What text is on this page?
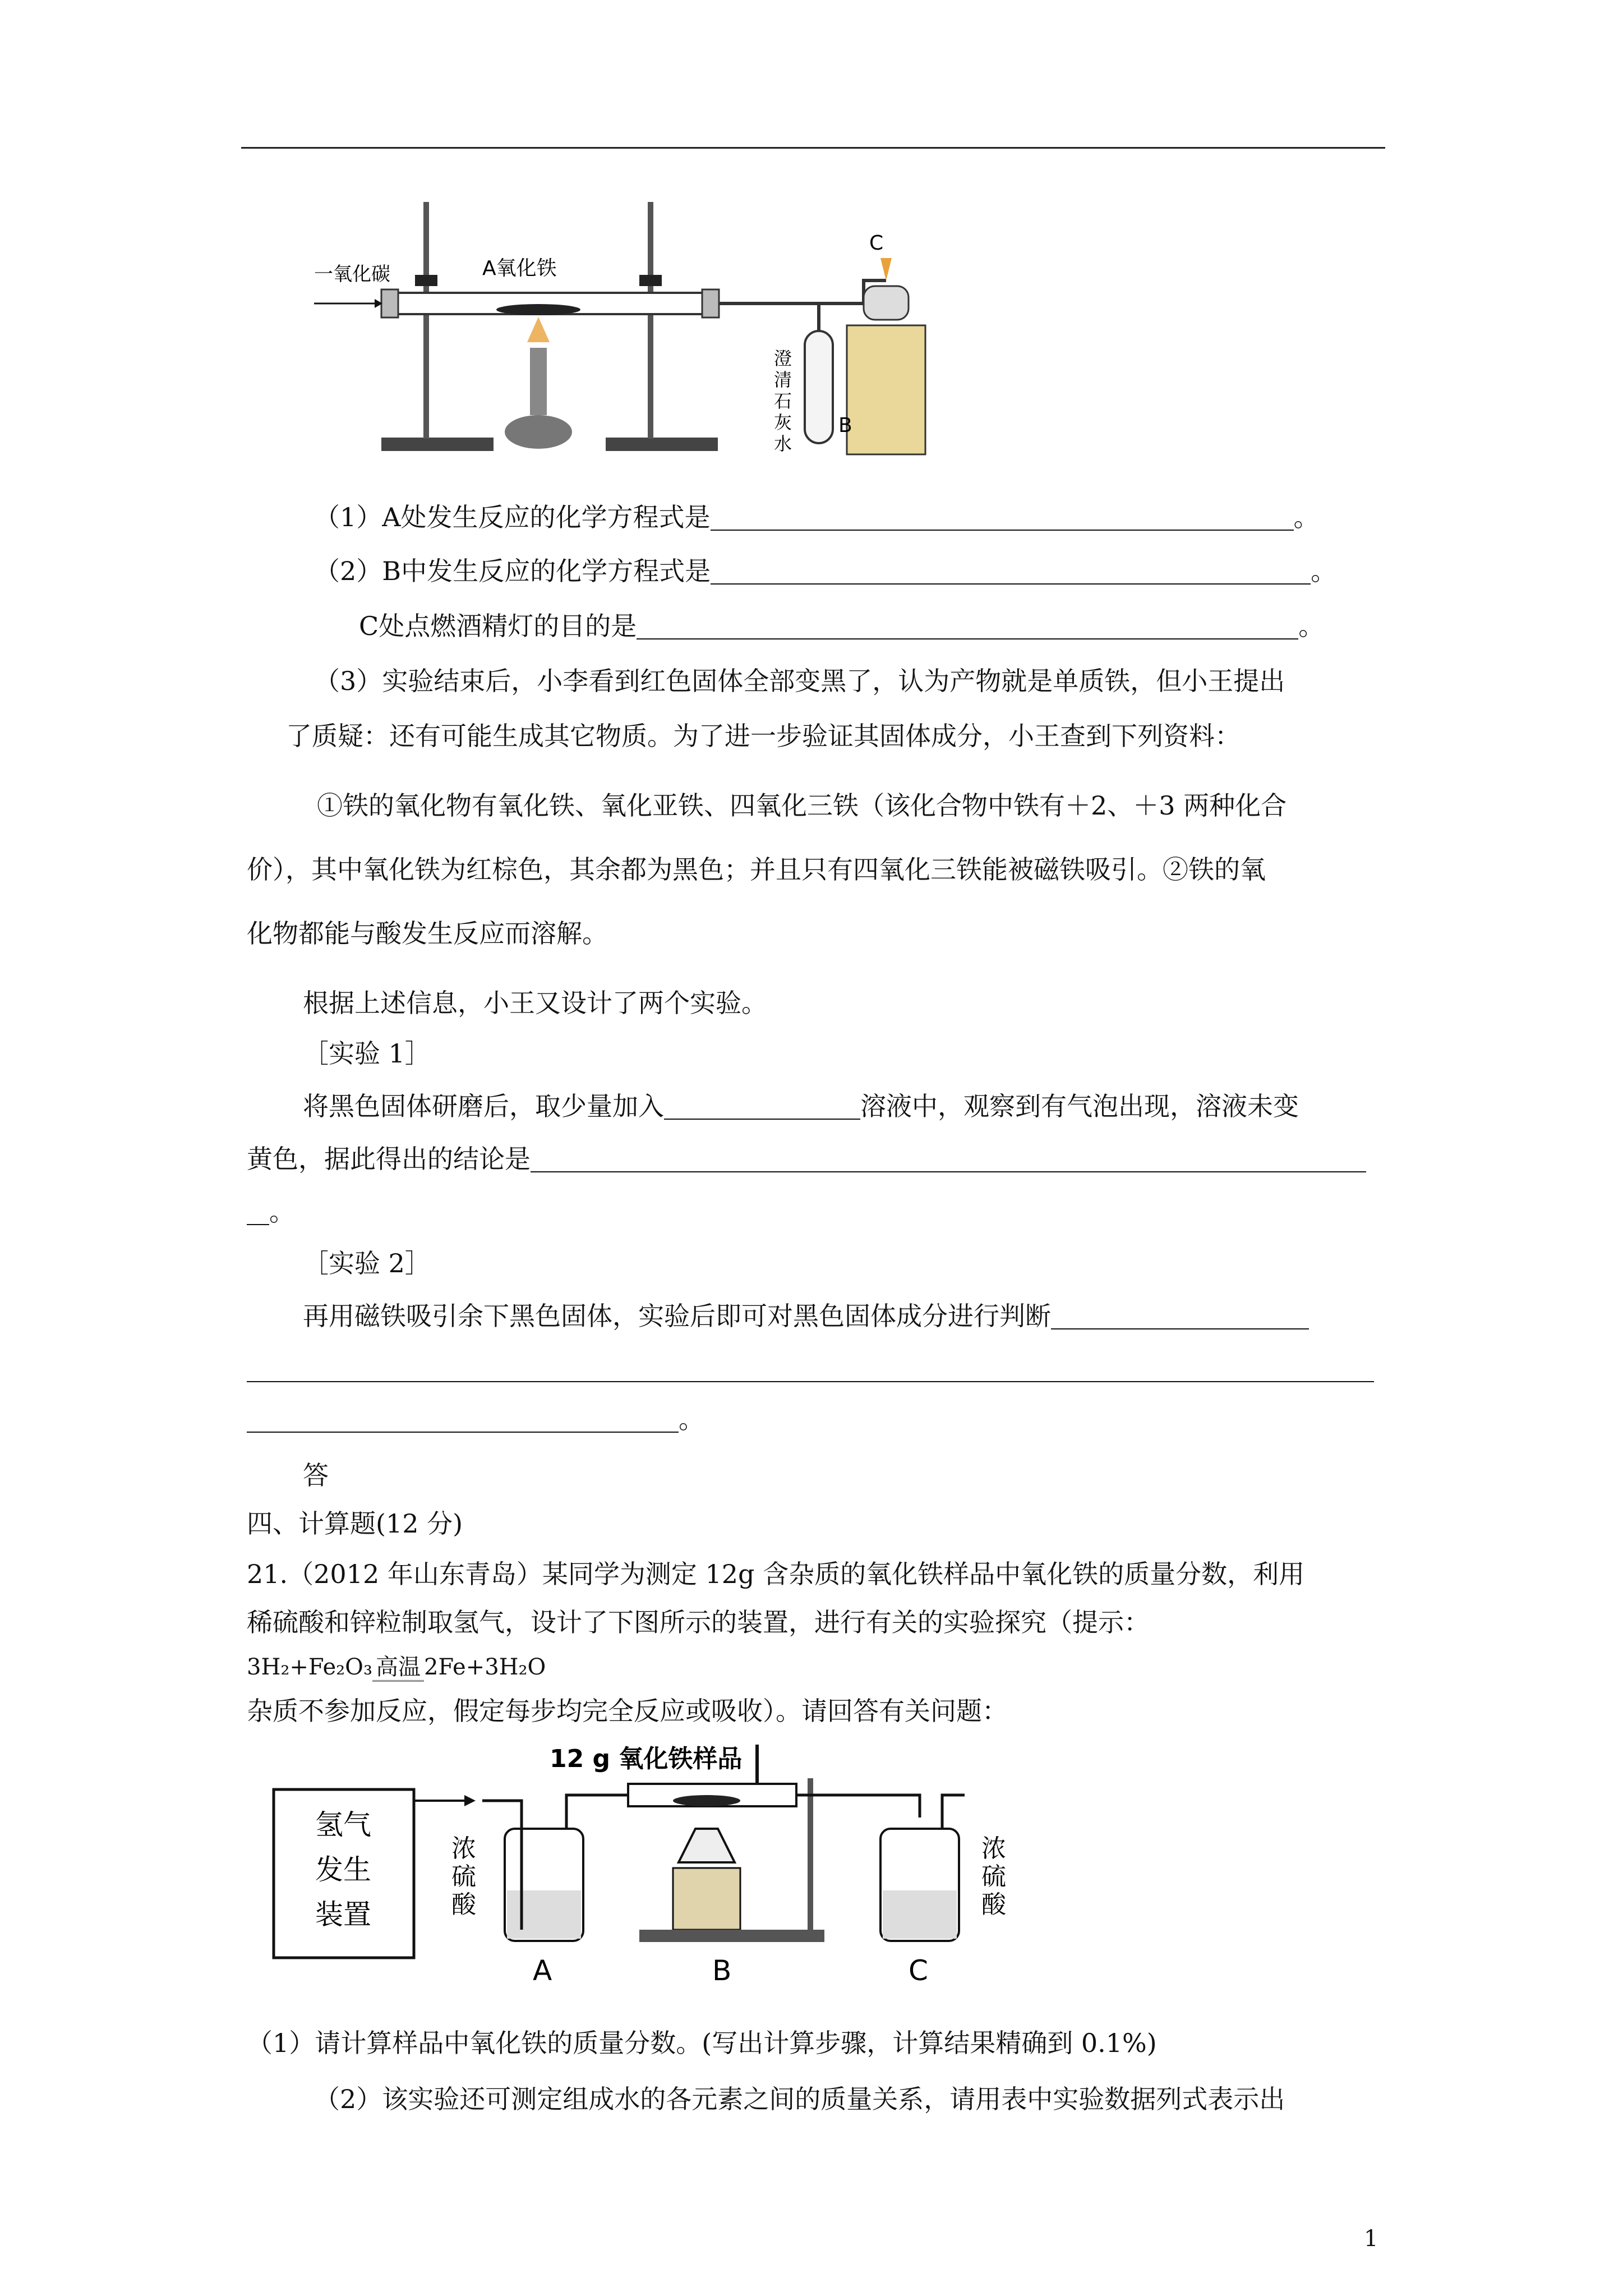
一氧化碳	A氧化铁
C
澄
清
石
灰
水
B
（1）A处发生反应的化学方程式是	。
（2）B中发生反应的化学方程式是	。
C处点燃酒精灯的目的是	。
（3）实验结束后，小李看到红色固体全部变黑了，认为产物就是单质铁，但小王提出
了质疑：还有可能生成其它物质。为了进一步验证其固体成分，小王查到下列资料：
①铁的氧化物有氧化铁、氧化亚铁、四氧化三铁（该化合物中铁有＋2、＋3 两种化合
价），其中氧化铁为红棕色，其余都为黑色；并且只有四氧化三铁能被磁铁吸引。②铁的氧
化物都能与酸发生反应而溶解。
根据上述信息，小王又设计了两个实验。
［实验 1］
将黑色固体研磨后，取少量加入	溶液中，观察到有气泡出现，溶液未变
黄色，据此得出的结论是
。
［实验 2］
再用磁铁吸引余下黑色固体，实验后即可对黑色固体成分进行判断
。
答
四、计算题(12 分)
21.（2012 年山东青岛）某同学为测定 12g 含杂质的氧化铁样品中氧化铁的质量分数，利用
稀硫酸和锌粒制取氢气，设计了下图所示的装置，进行有关的实验探究（提示：
3H₂+Fe₂O₃ 高温 2Fe+3H₂O
杂质不参加反应，假定每步均完全反应或吸收）。请回答有关问题：
氢气
发生
装置
浓
硫
酸
A
12 g 氧化铁样品
B
浓
硫
酸
C
（1）请计算样品中氧化铁的质量分数。(写出计算步骤，计算结果精确到 0.1%)
（2）该实验还可测定组成水的各元素之间的质量关系，请用表中实验数据列式表示出
1
